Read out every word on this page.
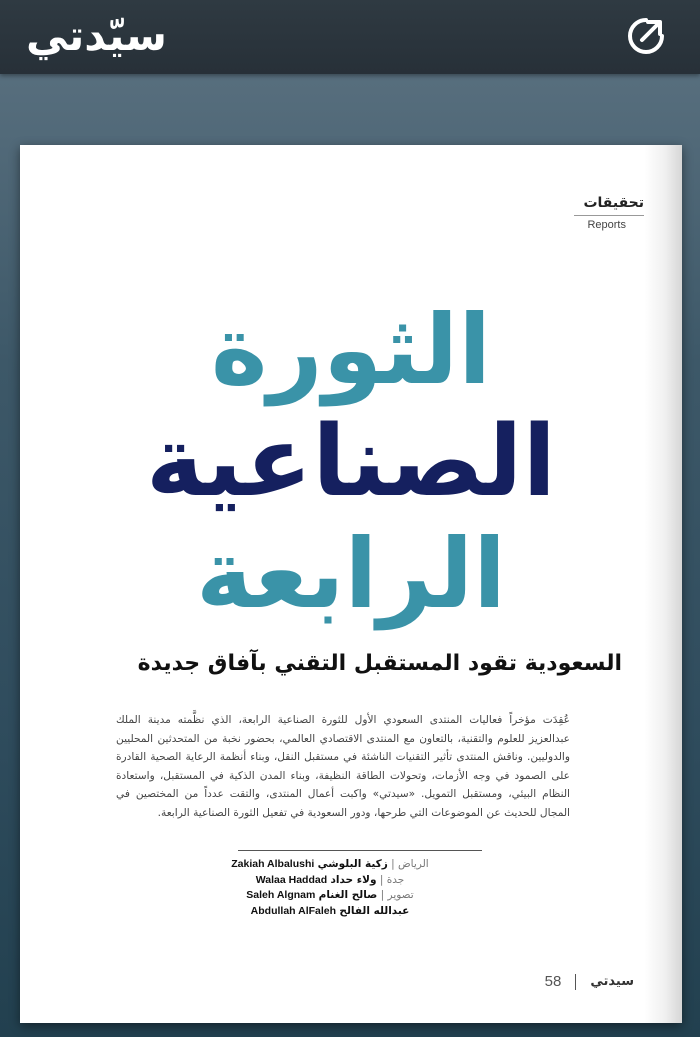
سيّدتي
تحقيقات
Reports
الثورة
الصناعية
الرابعة
السعودية تقود المستقبل التقني بآفاق جديدة
عُقِدَت مؤخراً فعاليات المنتدى السعودي الأول للثورة الصناعية الرابعة، الذي نظَّمته مدينة الملك عبدالعزيز للعلوم والتقنية، بالتعاون مع المنتدى الاقتصادي العالمي، بحضور نخبة من المتحدثين المحليين والدوليين. وناقش المنتدى تأثير التقنيات الناشئة في مستقبل النقل، وبناء أنظمة الرعاية الصحية القادرة على الصمود في وجه الأزمات، وتحولات الطاقة النظيفة، وبناء المدن الذكية في المستقبل، واستعادة النظام البيئي، ومستقبل التمويل. «سيدتي» واكبت أعمال المنتدى، والتقت عدداً من المختصين في المجال للحديث عن الموضوعات التي طرحها، ودور السعودية في تفعيل الثورة الصناعية الرابعة.
الرياض | زكية البلوشي Zakiah Albalushi
جدة | ولاء حداد Walaa Haddad
تصوير | صالح الغنام Saleh Algnam
عبدالله الفالح Abdullah AlFaleh
58 سيدتي
